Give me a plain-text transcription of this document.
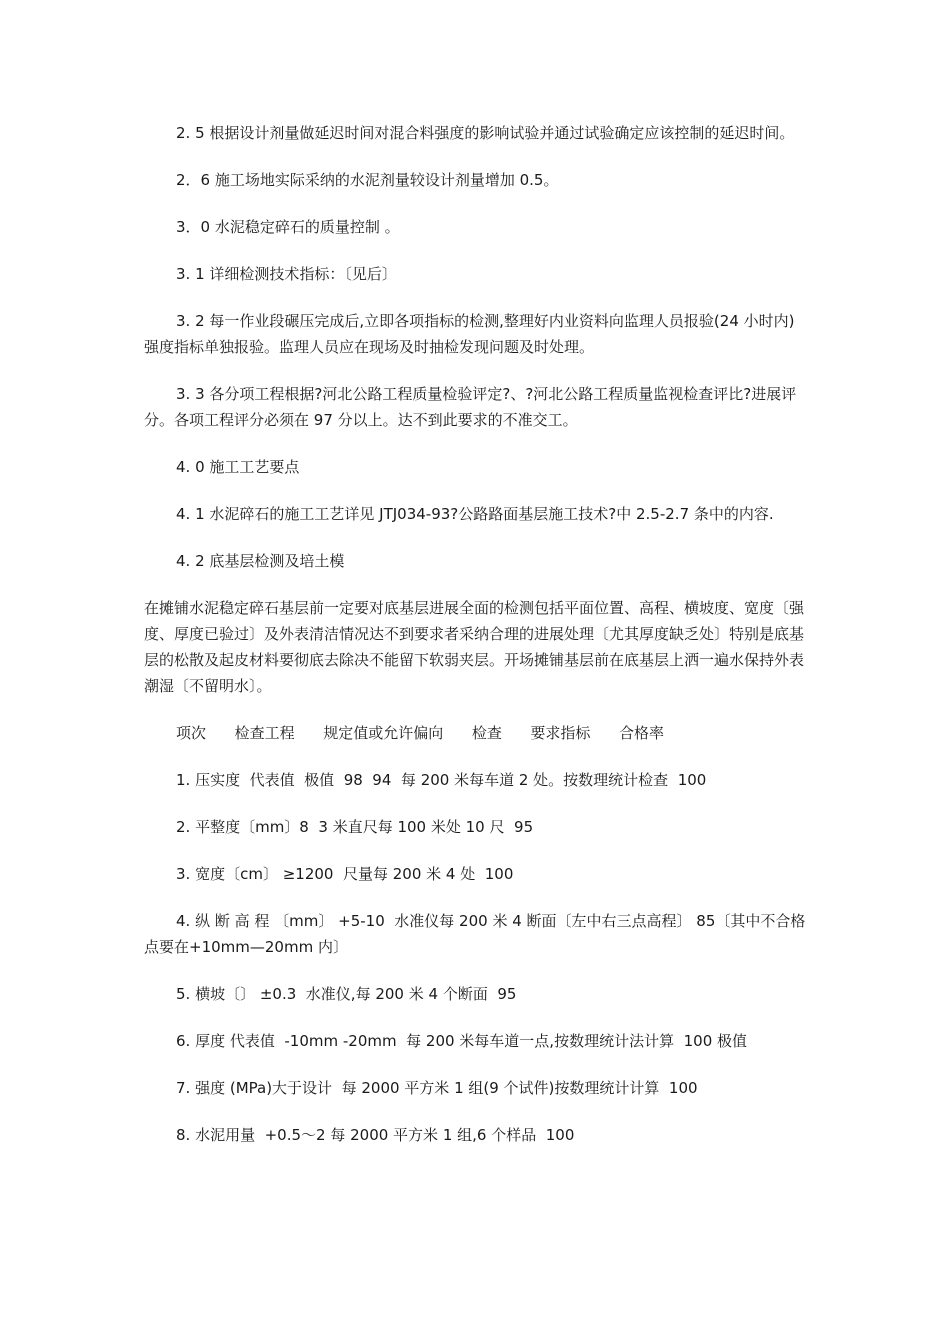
2. 5 根据设计剂量做延迟时间对混合料强度的影响试验并通过试验确定应该控制的延迟时间。

2．6 施工场地实际采纳的水泥剂量较设计剂量增加 0.5。

3．0 水泥稳定碎石的质量控制 。

3. 1 详细检测技术指标：〔见后〕

3. 2 每一作业段碾压完成后,立即各项指标的检测,整理好内业资料向监理人员报验(24 小时内)强度指标单独报验。监理人员应在现场及时抽检发现问题及时处理。

3. 3 各分项工程根据?河北公路工程质量检验评定?、?河北公路工程质量监视检查评比?进展评分。各项工程评分必须在 97 分以上。达不到此要求的不准交工。

4. 0 施工工艺要点

4. 1 水泥碎石的施工工艺详见 JTJ034-93?公路路面基层施工技术?中 2.5-2.7 条中的内容.

4. 2 底基层检测及培土模

在摊铺水泥稳定碎石基层前一定要对底基层进展全面的检测包括平面位置、高程、横坡度、宽度〔强度、厚度已验过〕及外表清洁情况达不到要求者采纳合理的进展处理〔尤其厚度缺乏处〕特别是底基层的松散及起皮材料要彻底去除决不能留下软弱夹层。开场摊铺基层前在底基层上洒一遍水保持外表潮湿〔不留明水〕。

项次      检查工程      规定值或允许偏向      检查      要求指标      合格率

1. 压实度  代表值  极值  98  94  每 200 米每车道 2 处。按数理统计检查  100

2. 平整度〔mm〕8  3 米直尺每 100 米处 10 尺  95

3. 宽度〔cm〕 ≥1200  尺量每 200 米 4 处  100

4. 纵 断 高 程 〔mm〕 +5-10  水准仪每 200 米 4 断面〔左中右三点高程〕 85〔其中不合格点要在+10mm—20mm 内〕

5. 横坡〔〕 ±0.3  水准仪,每 200 米 4 个断面  95

6. 厚度 代表值  -10mm -20mm  每 200 米每车道一点,按数理统计法计算  100 极值

7. 强度 (MPa)大于设计  每 2000 平方米 1 组(9 个试件)按数理统计计算  100

8. 水泥用量  +0.5～2 每 2000 平方米 1 组,6 个样品  100
